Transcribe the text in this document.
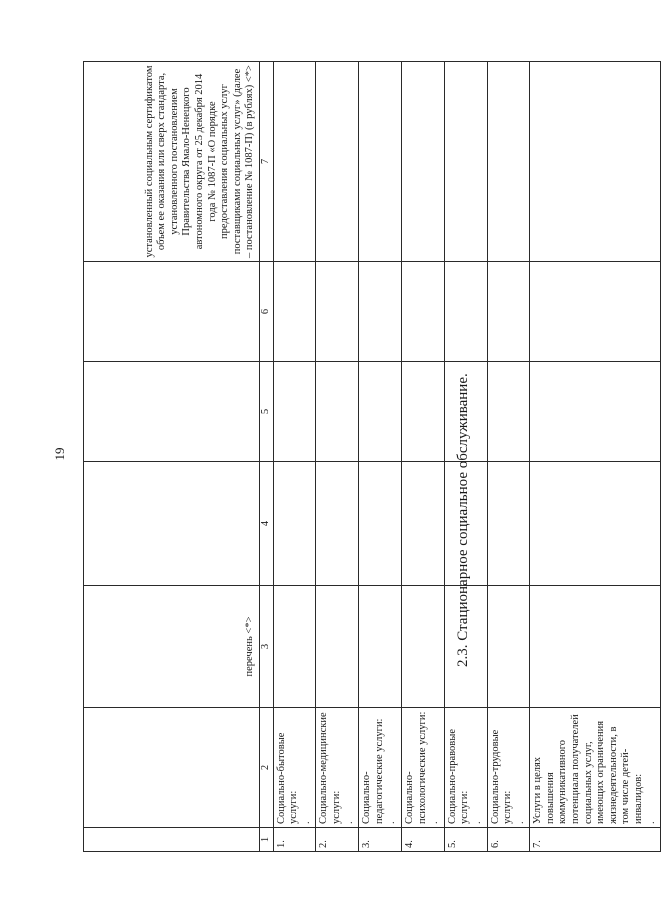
19
		перечень <*>				установленный социальным сертификатом объем ее оказания или сверх стандарта, установленного постановлением Правительства Ямало-Ненецкого автономного округа от 25 декабря 2014 года № 1087-П «О порядке предоставления социальных услуг поставщиками социальных услуг» (далее – постановление № 1087-П) (в рублях) <*>
1	2	3	4	5	6	7
1.	Социально-бытовые услуги: .					

2.	Социально-медицинские услуги: .					

3.	Социально-педагогические услуги: .					

4.	Социально-психологические услуги: .					

5.	Социально-правовые услуги: .					

6.	Социально-трудовые услуги: .					

7.	Услуги в целях повышения коммуникативного потенциала получателей социальных услуг, имеющих ограничения жизнедеятельности, в том числе детей-инвалидов: .					

2.3. Стационарное социальное обслуживание.
